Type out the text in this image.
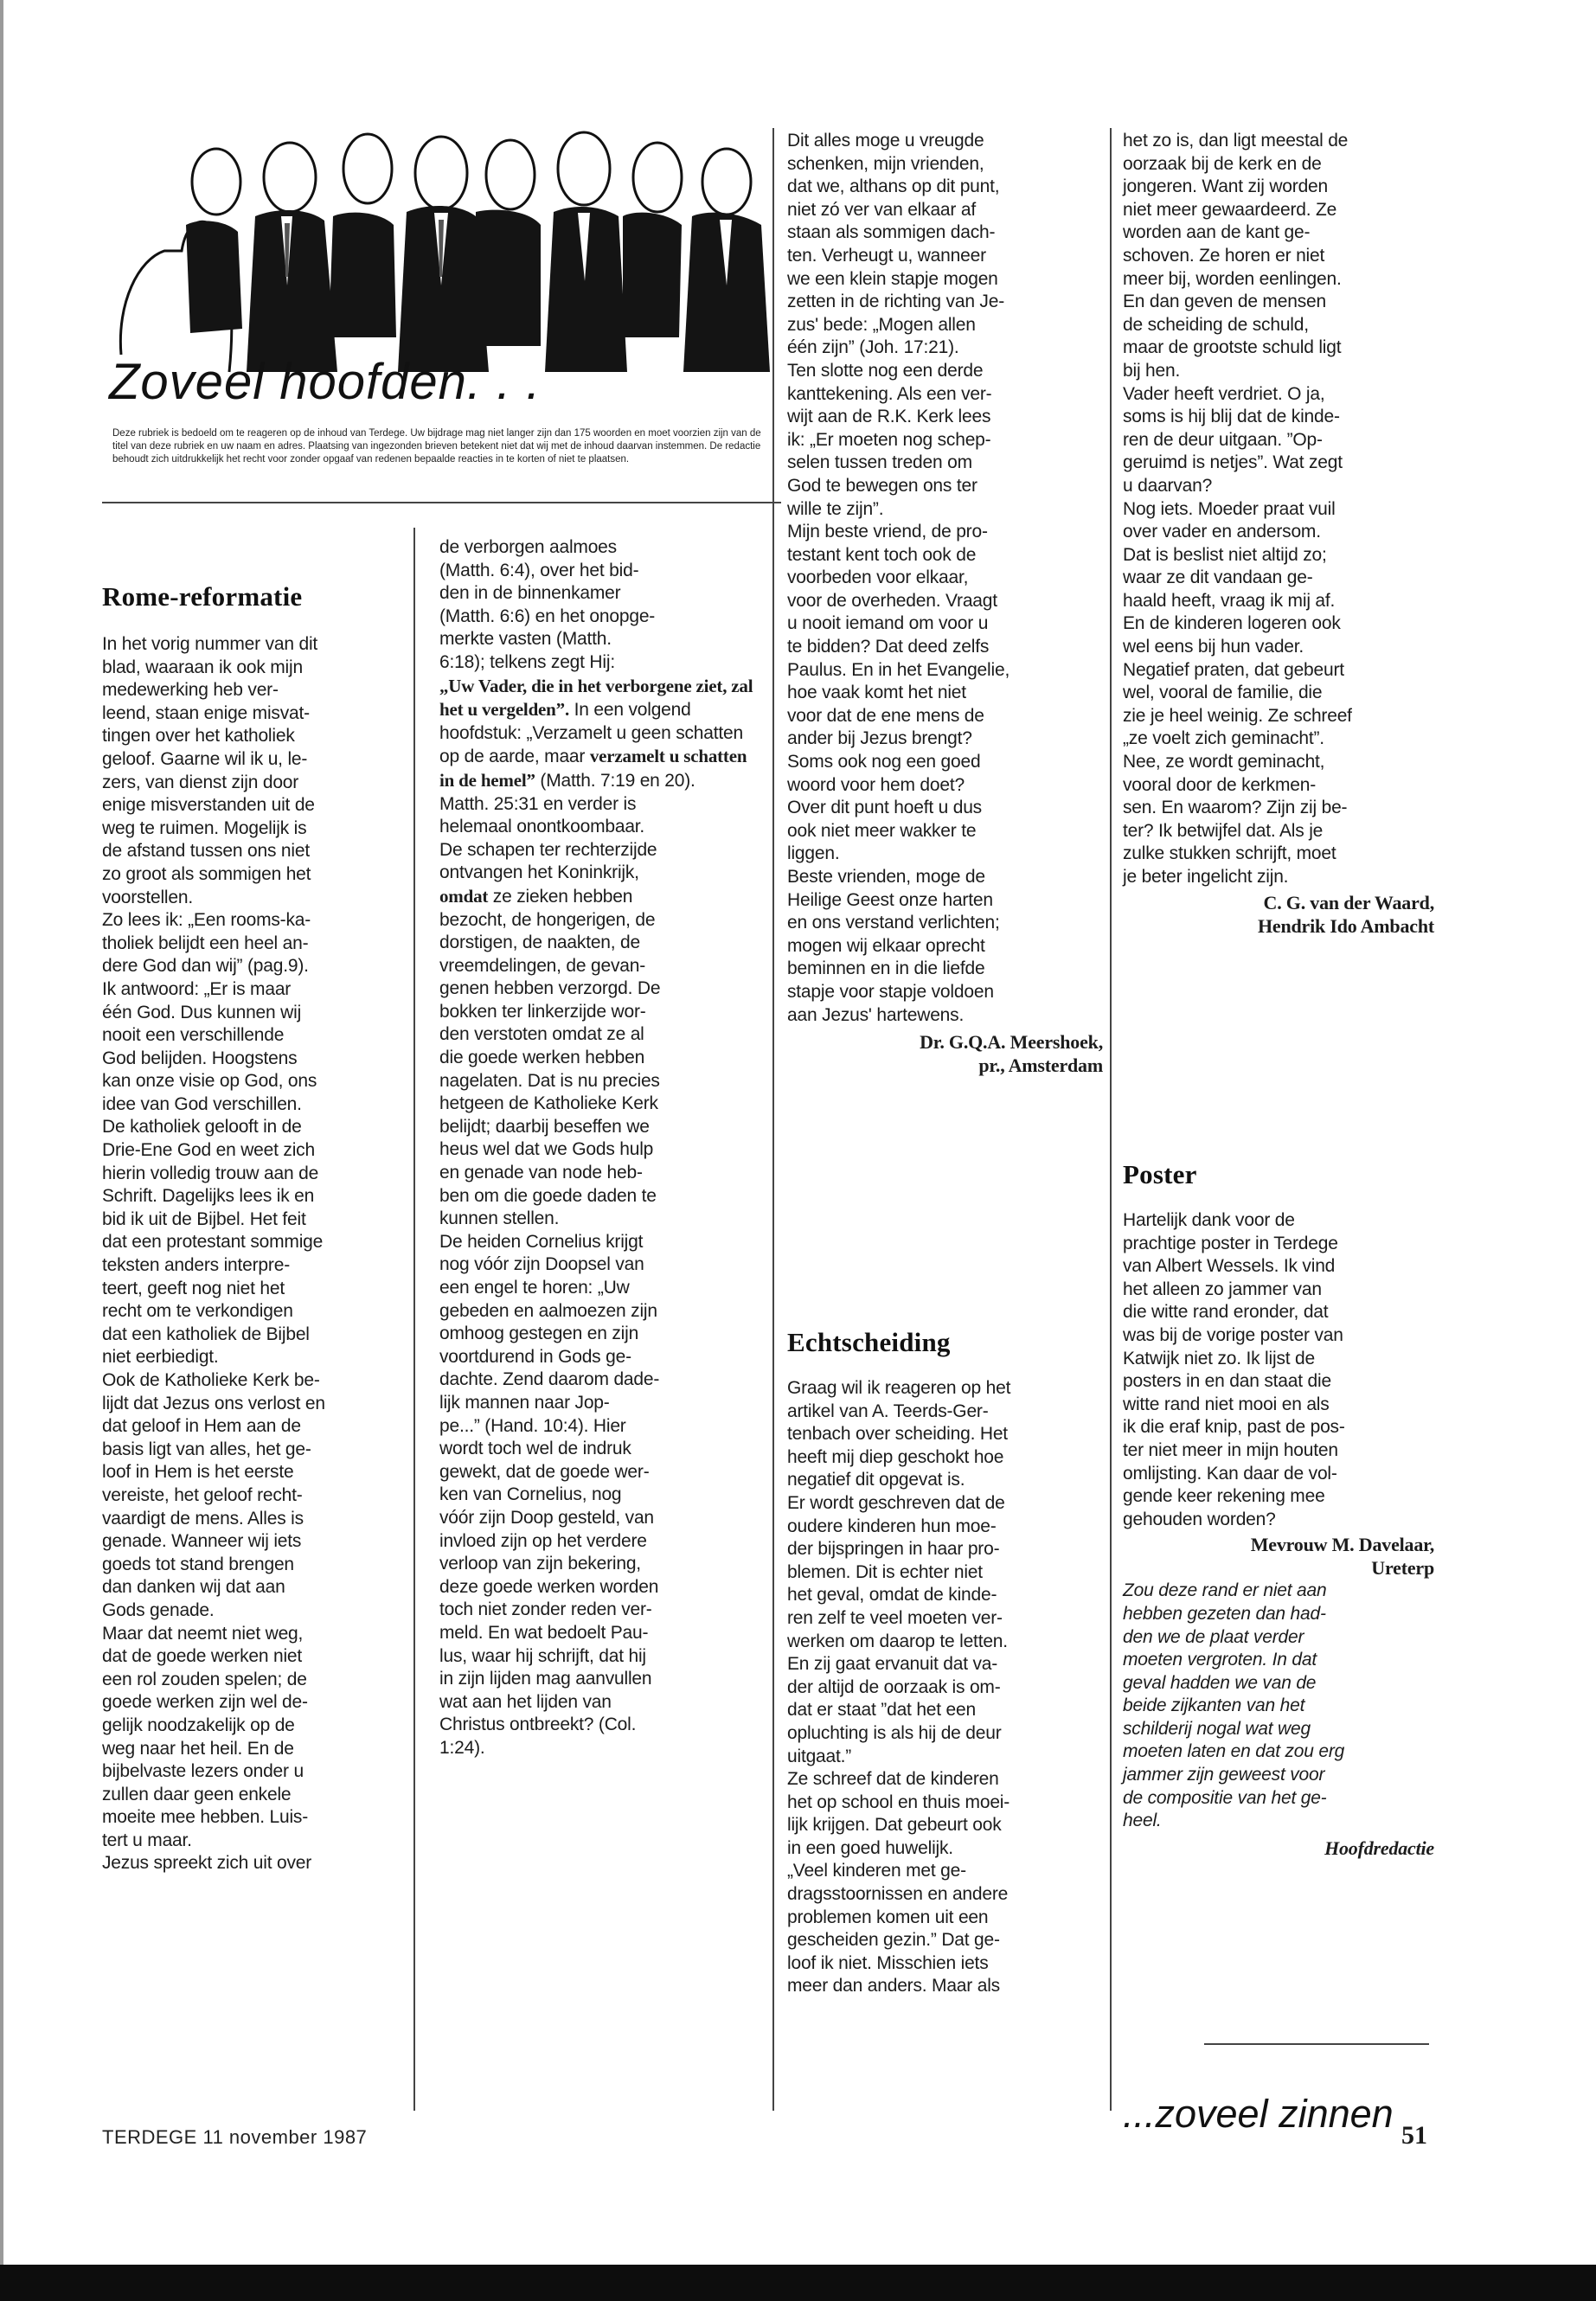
Zoveel hoofden. . .
Deze rubriek is bedoeld om te reageren op de inhoud van Terdege. Uw bijdrage mag niet langer zijn dan 175 woorden en moet voorzien zijn van de titel van deze rubriek en uw naam en adres. Plaatsing van ingezonden brieven betekent niet dat wij met de inhoud daarvan instemmen. De redactie behoudt zich uitdrukkelijk het recht voor zonder opgaaf van redenen bepaalde reacties in te korten of niet te plaatsen.
Rome-reformatie

In het vorig nummer van dit

blad, waaraan ik ook mijn

medewerking heb ver-

leend, staan enige misvat-

tingen over het katholiek

geloof. Gaarne wil ik u, le-

zers, van dienst zijn door

enige misverstanden uit de

weg te ruimen. Mogelijk is

de afstand tussen ons niet

zo groot als sommigen het

voorstellen.

Zo lees ik: „Een rooms-ka-

tholiek belijdt een heel an-

dere God dan wij” (pag.9).

Ik antwoord: „Er is maar

één God. Dus kunnen wij

nooit een verschillende

God belijden. Hoogstens

kan onze visie op God, ons

idee van God verschillen.

De katholiek gelooft in de

Drie-Ene God en weet zich

hierin volledig trouw aan de

Schrift. Dagelijks lees ik en

bid ik uit de Bijbel. Het feit

dat een protestant sommige

teksten anders interpre-

teert, geeft nog niet het

recht om te verkondigen

dat een katholiek de Bijbel

niet eerbiedigt.

Ook de Katholieke Kerk be-

lijdt dat Jezus ons verlost en

dat geloof in Hem aan de

basis ligt van alles, het ge-

loof in Hem is het eerste

vereiste, het geloof recht-

vaardigt de mens. Alles is

genade. Wanneer wij iets

goeds tot stand brengen

dan danken wij dat aan

Gods genade.

Maar dat neemt niet weg,

dat de goede werken niet

een rol zouden spelen; de

goede werken zijn wel de-

gelijk noodzakelijk op de

weg naar het heil. En de

bijbelvaste lezers onder u

zullen daar geen enkele

moeite mee hebben. Luis-

tert u maar.

Jezus spreekt zich uit over

de verborgen aalmoes

(Matth. 6:4), over het bid-

den in de binnenkamer

(Matth. 6:6) en het onopge-

merkte vasten (Matth.

6:18); telkens zegt Hij:

„Uw Vader, die in het verborgene ziet, zal het u vergelden”. In een volgend hoofdstuk: „Verzamelt u geen schatten op de aarde, maar verzamelt u schatten in de hemel” (Matth. 7:19 en 20).

Matth. 25:31 en verder is

helemaal onontkoombaar.

De schapen ter rechterzijde

ontvangen het Koninkrijk,

omdat ze zieken hebben

bezocht, de hongerigen, de

dorstigen, de naakten, de

vreemdelingen, de gevan-

genen hebben verzorgd. De

bokken ter linkerzijde wor-

den verstoten omdat ze al

die goede werken hebben

nagelaten. Dat is nu precies

hetgeen de Katholieke Kerk

belijdt; daarbij beseffen we

heus wel dat we Gods hulp

en genade van node heb-

ben om die goede daden te

kunnen stellen.

De heiden Cornelius krijgt

nog vóór zijn Doopsel van

een engel te horen: „Uw

gebeden en aalmoezen zijn

omhoog gestegen en zijn

voortdurend in Gods ge-

dachte. Zend daarom dade-

lijk mannen naar Jop-

pe...” (Hand. 10:4). Hier

wordt toch wel de indruk

gewekt, dat de goede wer-

ken van Cornelius, nog

vóór zijn Doop gesteld, van

invloed zijn op het verdere

verloop van zijn bekering,

deze goede werken worden

toch niet zonder reden ver-

meld. En wat bedoelt Pau-

lus, waar hij schrijft, dat hij

in zijn lijden mag aanvullen

wat aan het lijden van

Christus ontbreekt? (Col.

1:24).

Dit alles moge u vreugde

schenken, mijn vrienden,

dat we, althans op dit punt,

niet zó ver van elkaar af

staan als sommigen dach-

ten. Verheugt u, wanneer

we een klein stapje mogen

zetten in de richting van Je-

zus' bede: „Mogen allen

één zijn” (Joh. 17:21).

Ten slotte nog een derde

kanttekening. Als een ver-

wijt aan de R.K. Kerk lees

ik: „Er moeten nog schep-

selen tussen treden om

God te bewegen ons ter

wille te zijn”.

Mijn beste vriend, de pro-

testant kent toch ook de

voorbeden voor elkaar,

voor de overheden. Vraagt

u nooit iemand om voor u

te bidden? Dat deed zelfs

Paulus. En in het Evangelie,

hoe vaak komt het niet

voor dat de ene mens de

ander bij Jezus brengt?

Soms ook nog een goed

woord voor hem doet?

Over dit punt hoeft u dus

ook niet meer wakker te

liggen.

Beste vrienden, moge de

Heilige Geest onze harten

en ons verstand verlichten;

mogen wij elkaar oprecht

beminnen en in die liefde

stapje voor stapje voldoen

aan Jezus' hartewens.

Dr. G.Q.A. Meershoek,
pr., Amsterdam
Echtscheiding

Graag wil ik reageren op het

artikel van A. Teerds-Ger-

tenbach over scheiding. Het

heeft mij diep geschokt hoe

negatief dit opgevat is.

Er wordt geschreven dat de

oudere kinderen hun moe-

der bijspringen in haar pro-

blemen. Dit is echter niet

het geval, omdat de kinde-

ren zelf te veel moeten ver-

werken om daarop te letten.

En zij gaat ervanuit dat va-

der altijd de oorzaak is om-

dat er staat ”dat het een

opluchting is als hij de deur

uitgaat.”

Ze schreef dat de kinderen

het op school en thuis moei-

lijk krijgen. Dat gebeurt ook

in een goed huwelijk.

„Veel kinderen met ge-

dragsstoornissen en andere

problemen komen uit een

gescheiden gezin.” Dat ge-

loof ik niet. Misschien iets

meer dan anders. Maar als

het zo is, dan ligt meestal de

oorzaak bij de kerk en de

jongeren. Want zij worden

niet meer gewaardeerd. Ze

worden aan de kant ge-

schoven. Ze horen er niet

meer bij, worden eenlingen.

En dan geven de mensen

de scheiding de schuld,

maar de grootste schuld ligt

bij hen.

Vader heeft verdriet. O ja,

soms is hij blij dat de kinde-

ren de deur uitgaan. ”Op-

geruimd is netjes”. Wat zegt

u daarvan?

Nog iets. Moeder praat vuil

over vader en andersom.

Dat is beslist niet altijd zo;

waar ze dit vandaan ge-

haald heeft, vraag ik mij af.

En de kinderen logeren ook

wel eens bij hun vader.

Negatief praten, dat gebeurt

wel, vooral de familie, die

zie je heel weinig. Ze schreef

„ze voelt zich geminacht”.

Nee, ze wordt geminacht,

vooral door de kerkmen-

sen. En waarom? Zijn zij be-

ter? Ik betwijfel dat. Als je

zulke stukken schrijft, moet

je beter ingelicht zijn.

C. G. van der Waard,
Hendrik Ido Ambacht
Poster

Hartelijk dank voor de

prachtige poster in Terdege

van Albert Wessels. Ik vind

het alleen zo jammer van

die witte rand eronder, dat

was bij de vorige poster van

Katwijk niet zo. Ik lijst de

posters in en dan staat die

witte rand niet mooi en als

ik die eraf knip, past de pos-

ter niet meer in mijn houten

omlijsting. Kan daar de vol-

gende keer rekening mee

gehouden worden?

Mevrouw M. Davelaar,
Ureterp

Zou deze rand er niet aan

hebben gezeten dan had-

den we de plaat verder

moeten vergroten. In dat

geval hadden we van de

beide zijkanten van het

schilderij nogal wat weg

moeten laten en dat zou erg

jammer zijn geweest voor

de compositie van het ge-

heel.

Hoofdredactie
...zoveel zinnen
TERDEGE 11 november 1987	51
